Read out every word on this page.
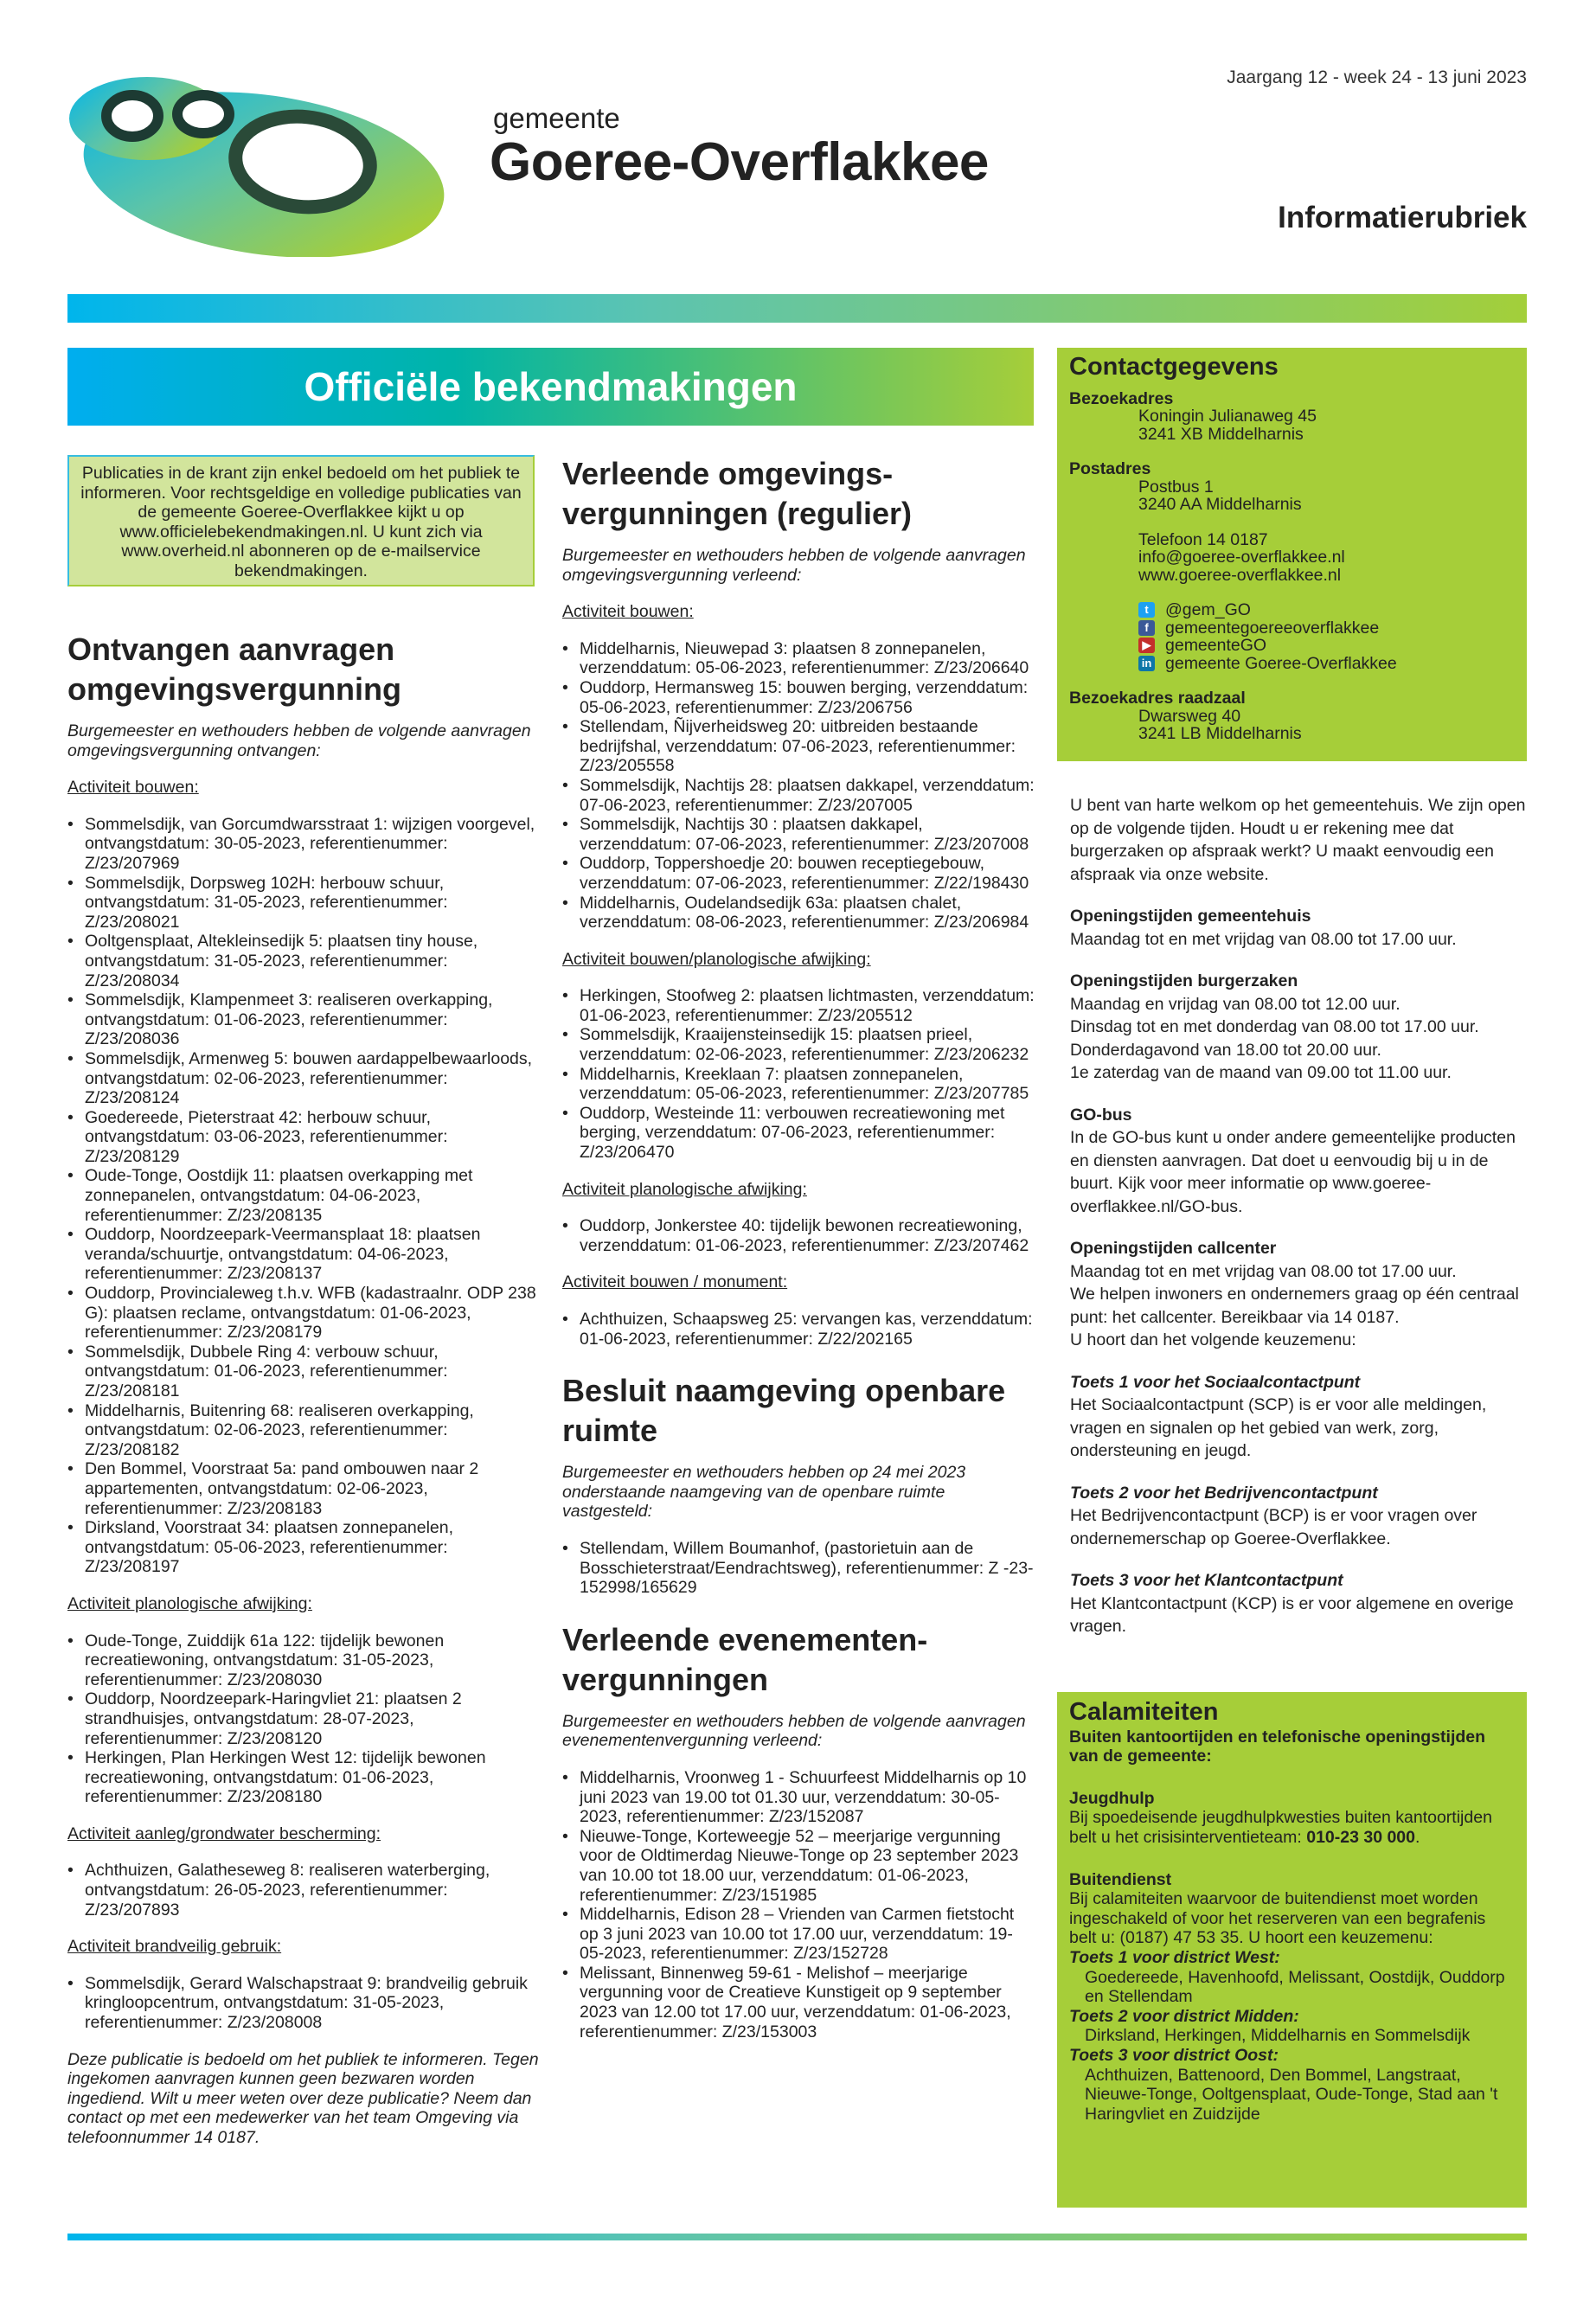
Jaargang 12 - week 24 - 13 juni 2023
gemeente
Goeree-Overflakkee
Informatierubriek
Officiële bekendmakingen
Publicaties in de krant zijn enkel bedoeld om het publiek te informeren. Voor rechtsgeldige en volledige publicaties van de gemeente Goeree-Overflakkee kijkt u op www.officielebekendmakingen.nl. U kunt zich via www.overheid.nl abonneren op de e-mailservice bekendmakingen.
Ontvangen aanvragen omgevingsvergunning

Burgemeester en wethouders hebben de volgende aanvragen omgevingsvergunning ontvangen:

Activiteit bouwen:
• Sommelsdijk, van Gorcumdwarsstraat 1: wijzigen voorgevel, ontvangstdatum: 30-05-2023, referentienummer: Z/23/207969
• Sommelsdijk, Dorpsweg 102H: herbouw schuur, ontvangstdatum: 31-05-2023, referentienummer: Z/23/208021
• Ooltgensplaat, Altekleinsedijk 5: plaatsen tiny house, ontvangstdatum: 31-05-2023, referentienummer: Z/23/208034
• Sommelsdijk, Klampenmeet 3: realiseren overkapping, ontvangstdatum: 01-06-2023, referentienummer: Z/23/208036
• Sommelsdijk, Armenweg 5: bouwen aardappelbewaarloods, ontvangstdatum: 02-06-2023, referentienummer: Z/23/208124
• Goedereede, Pieterstraat 42: herbouw schuur, ontvangstdatum: 03-06-2023, referentienummer: Z/23/208129
• Oude-Tonge, Oostdijk 11: plaatsen overkapping met zonnepanelen, ontvangstdatum: 04-06-2023, referentienummer: Z/23/208135
• Ouddorp, Noordzeepark-Veermansplaat 18: plaatsen veranda/schuurtje, ontvangstdatum: 04-06-2023, referentienummer: Z/23/208137
• Ouddorp, Provincialeweg t.h.v. WFB (kadastraalnr. ODP 238 G): plaatsen reclame, ontvangstdatum: 01-06-2023, referentienummer: Z/23/208179
• Sommelsdijk, Dubbele Ring 4: verbouw schuur, ontvangstdatum: 01-06-2023, referentienummer: Z/23/208181
• Middelharnis, Buitenring 68: realiseren overkapping, ontvangstdatum: 02-06-2023, referentienummer: Z/23/208182
• Den Bommel, Voorstraat 5a: pand ombouwen naar 2 appartementen, ontvangstdatum: 02-06-2023, referentienummer: Z/23/208183
• Dirksland, Voorstraat 34: plaatsen zonnepanelen, ontvangstdatum: 05-06-2023, referentienummer: Z/23/208197
Activiteit planologische afwijking:
• Oude-Tonge, Zuiddijk 61a 122: tijdelijk bewonen recreatiewoning, ontvangstdatum: 31-05-2023, referentienummer: Z/23/208030
• Ouddorp, Noordzeepark-Haringvliet 21: plaatsen 2 strandhuisjes, ontvangstdatum: 28-07-2023, referentienummer: Z/23/208120
• Herkingen, Plan Herkingen West 12: tijdelijk bewonen recreatiewoning, ontvangstdatum: 01-06-2023, referentienummer: Z/23/208180
Activiteit aanleg/grondwater bescherming:
• Achthuizen, Galatheseweg 8: realiseren waterberging, ontvangstdatum: 26-05-2023, referentienummer: Z/23/207893
Activiteit brandveilig gebruik:
• Sommelsdijk, Gerard Walschapstraat 9: brandveilig gebruik kringloopcentrum, ontvangstdatum: 31-05-2023, referentienummer: Z/23/208008

Deze publicatie is bedoeld om het publiek te informeren. Tegen ingekomen aanvragen kunnen geen bezwaren worden ingediend. Wilt u meer weten over deze publicatie? Neem dan contact op met een medewerker van het team Omgeving via telefoonnummer 14 0187.

Verleende omgevings-vergunningen (regulier)

Burgemeester en wethouders hebben de volgende aanvragen omgevingsvergunning verleend:

Activiteit bouwen:
• Middelharnis, Nieuwepad 3: plaatsen 8 zonnepanelen, verzenddatum: 05-06-2023, referentienummer: Z/23/206640
• Ouddorp, Hermansweg 15: bouwen berging, verzenddatum: 05-06-2023, referentienummer: Z/23/206756
• Stellendam, Ñijverheidsweg 20: uitbreiden bestaande bedrijfshal, verzenddatum: 07-06-2023, referentienummer: Z/23/205558
• Sommelsdijk, Nachtijs 28: plaatsen dakkapel, verzenddatum: 07-06-2023, referentienummer: Z/23/207005
• Sommelsdijk, Nachtijs 30 : plaatsen dakkapel, verzenddatum: 07-06-2023, referentienummer: Z/23/207008
• Ouddorp, Toppershoedje 20: bouwen receptiegebouw, verzenddatum: 07-06-2023, referentienummer: Z/22/198430
• Middelharnis, Oudelandsedijk 63a: plaatsen chalet, verzenddatum: 08-06-2023, referentienummer: Z/23/206984
Activiteit bouwen/planologische afwijking:
• Herkingen, Stoofweg 2: plaatsen lichtmasten, verzenddatum: 01-06-2023, referentienummer: Z/23/205512
• Sommelsdijk, Kraaijensteinsedijk 15: plaatsen prieel, verzenddatum: 02-06-2023, referentienummer: Z/23/206232
• Middelharnis, Kreeklaan 7: plaatsen zonnepanelen, verzenddatum: 05-06-2023, referentienummer: Z/23/207785
• Ouddorp, Westeinde 11: verbouwen recreatiewoning met berging, verzenddatum: 07-06-2023, referentienummer: Z/23/206470
Activiteit planologische afwijking:
• Ouddorp, Jonkerstee 40: tijdelijk bewonen recreatiewoning, verzenddatum: 01-06-2023, referentienummer: Z/23/207462
Activiteit bouwen / monument:
• Achthuizen, Schaapsweg 25: vervangen kas, verzenddatum: 01-06-2023, referentienummer: Z/22/202165
Besluit naamgeving openbare ruimte

Burgemeester en wethouders hebben op 24 mei 2023 onderstaande naamgeving van de openbare ruimte vastgesteld:

• Stellendam, Willem Boumanhof, (pastorietuin aan de Bosschieterstraat/Eendrachtsweg), referentienummer: Z -23-152998/165629
Verleende evenementen-vergunningen

Burgemeester en wethouders hebben de volgende aanvragen evenementenvergunning verleend:

• Middelharnis, Vroonweg 1 - Schuurfeest Middelharnis op 10 juni 2023 van 19.00 tot 01.30 uur, verzenddatum: 30-05-2023, referentienummer: Z/23/152087
• Nieuwe-Tonge, Korteweegje 52 – meerjarige vergunning voor de Oldtimerdag Nieuwe-Tonge op 23 september 2023 van 10.00 tot 18.00 uur, verzenddatum: 01-06-2023, referentienummer: Z/23/151985
• Middelharnis, Edison 28 – Vrienden van Carmen fietstocht op 3 juni 2023 van 10.00 tot 17.00 uur, verzenddatum: 19-05-2023, referentienummer: Z/23/152728
• Melissant, Binnenweg 59-61 - Melishof – meerjarige vergunning voor de Creatieve Kunstigeit op 9 september 2023 van 12.00 tot 17.00 uur, verzenddatum: 01-06-2023, referentienummer: Z/23/153003
Contactgegevens
Bezoekadres
Koningin Julianaweg 45
3241 XB Middelharnis
Postadres
Postbus 1
3240 AA Middelharnis
Telefoon 14 0187
info@goeree-overflakkee.nl
www.goeree-overflakkee.nl
t @gem_GO
f gemeentegoereeoverflakkee
▶ gemeenteGO
in gemeente Goeree-Overflakkee
Bezoekadres raadzaal
Dwarsweg 40
3241 LB Middelharnis

U bent van harte welkom op het gemeentehuis. We zijn open op de volgende tijden. Houdt u er rekening mee dat burgerzaken op afspraak werkt? U maakt eenvoudig een afspraak via onze website.

Openingstijden gemeentehuis
Maandag tot en met vrijdag van 08.00 tot 17.00 uur.
Openingstijden burgerzaken
Maandag en vrijdag van 08.00 tot 12.00 uur.
Dinsdag tot en met donderdag van 08.00 tot 17.00 uur.
Donderdagavond van 18.00 tot 20.00 uur.
1e zaterdag van de maand van 09.00 tot 11.00 uur.
GO-bus
In de GO-bus kunt u onder andere gemeentelijke producten en diensten aanvragen. Dat doet u eenvoudig bij u in de buurt. Kijk voor meer informatie op www.goeree-overflakkee.nl/GO-bus.
Openingstijden callcenter
Maandag tot en met vrijdag van 08.00 tot 17.00 uur.
We helpen inwoners en ondernemers graag op één centraal punt: het callcenter. Bereikbaar via 14 0187.
U hoort dan het volgende keuzemenu:
Toets 1 voor het Sociaalcontactpunt
Het Sociaalcontactpunt (SCP) is er voor alle meldingen, vragen en signalen op het gebied van werk, zorg, ondersteuning en jeugd.
Toets 2 voor het Bedrijvencontactpunt
Het Bedrijvencontactpunt (BCP) is er voor vragen over ondernemerschap op Goeree-Overflakkee.
Toets 3 voor het Klantcontactpunt
Het Klantcontactpunt (KCP) is er voor algemene en overige vragen.
Calamiteiten
Buiten kantoortijden en telefonische openingstijden van de gemeente:
Jeugdhulp
Bij spoedeisende jeugdhulpkwesties buiten kantoortijden belt u het crisisinterventieteam: 010-23 30 000.
Buitendienst
Bij calamiteiten waarvoor de buitendienst moet worden ingeschakeld of voor het reserveren van een begrafenis belt u: (0187) 47 53 35. U hoort een keuzemenu:
Toets 1 voor district West:
Goedereede, Havenhoofd, Melissant, Oostdijk, Ouddorp en Stellendam
Toets 2 voor district Midden:
Dirksland, Herkingen, Middelharnis en Sommelsdijk
Toets 3 voor district Oost:
Achthuizen, Battenoord, Den Bommel, Langstraat, Nieuwe-Tonge, Ooltgensplaat, Oude-Tonge, Stad aan 't Haringvliet en Zuidzijde
